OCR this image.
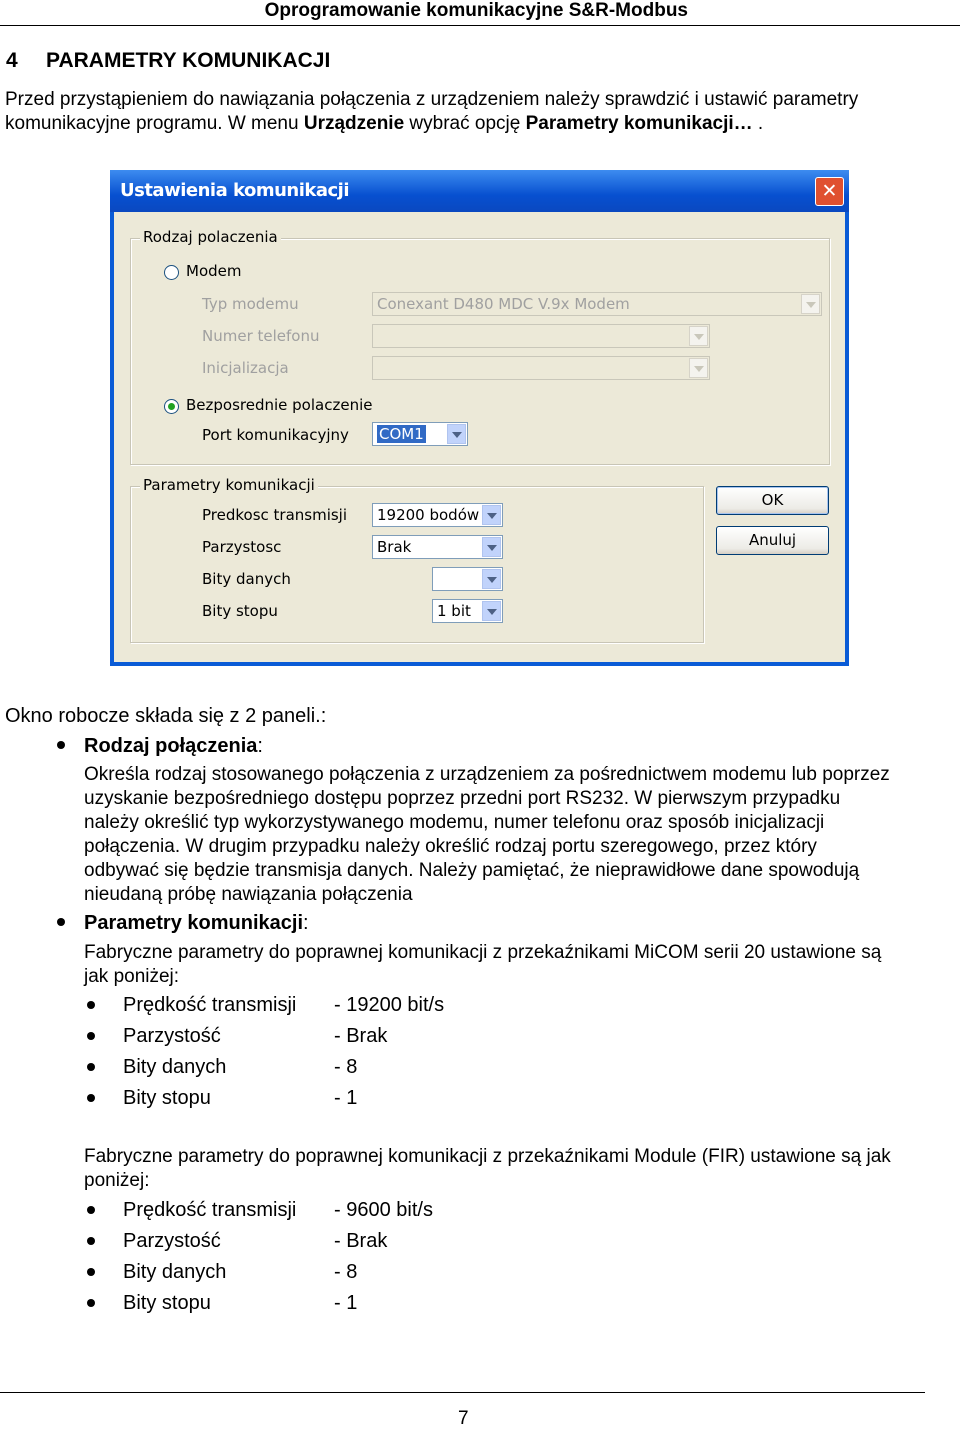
Oprogramowanie komunikacyjne S&R-Modbus
4 PARAMETRY KOMUNIKACJI
Przed przystąpieniem do nawiązania połączenia z urządzeniem należy sprawdzić i ustawić parametry
komunikacyjne programu. W menu Urządzenie wybrać opcję Parametry komunikacji… .
Ustawienia komunikacji	✕
Rodzaj polaczenia
Modem
Typ modemu	Conexant D480 MDC V.9x Modem
Numer telefonu
Inicjalizacja
Bezposrednie polaczenie
Port komunikacyjny COM1
Parametry komunikacji
Predkosc transmisji 19200 bodów
Parzystosc	Brak
Bity danych
Bity stopu	1 bit
OK
Anuluj
Okno robocze składa się z 2 paneli.:
Rodzaj połączenia:
Określa rodzaj stosowanego połączenia z urządzeniem za pośrednictwem modemu lub poprzez
uzyskanie bezpośredniego dostępu poprzez przedni port RS232. W pierwszym przypadku
należy określić typ wykorzystywanego modemu, numer telefonu oraz sposób inicjalizacji
połączenia. W drugim przypadku należy określić rodzaj portu szeregowego, przez który
odbywać się będzie transmisja danych. Należy pamiętać, że nieprawidłowe dane spowodują
nieudaną próbę nawiązania połączenia
Parametry komunikacji:
Fabryczne parametry do poprawnej komunikacji z przekaźnikami MiCOM serii 20 ustawione są
jak poniżej:
Prędkość transmisji - 19200 bit/s
Parzystość	- Brak
Bity danych	- 8
Bity stopu	- 1
Fabryczne parametry do poprawnej komunikacji z przekaźnikami Module (FIR) ustawione są jak
poniżej:
Prędkość transmisji - 9600 bit/s
Parzystość	- Brak
Bity danych	- 8
Bity stopu	- 1
7
